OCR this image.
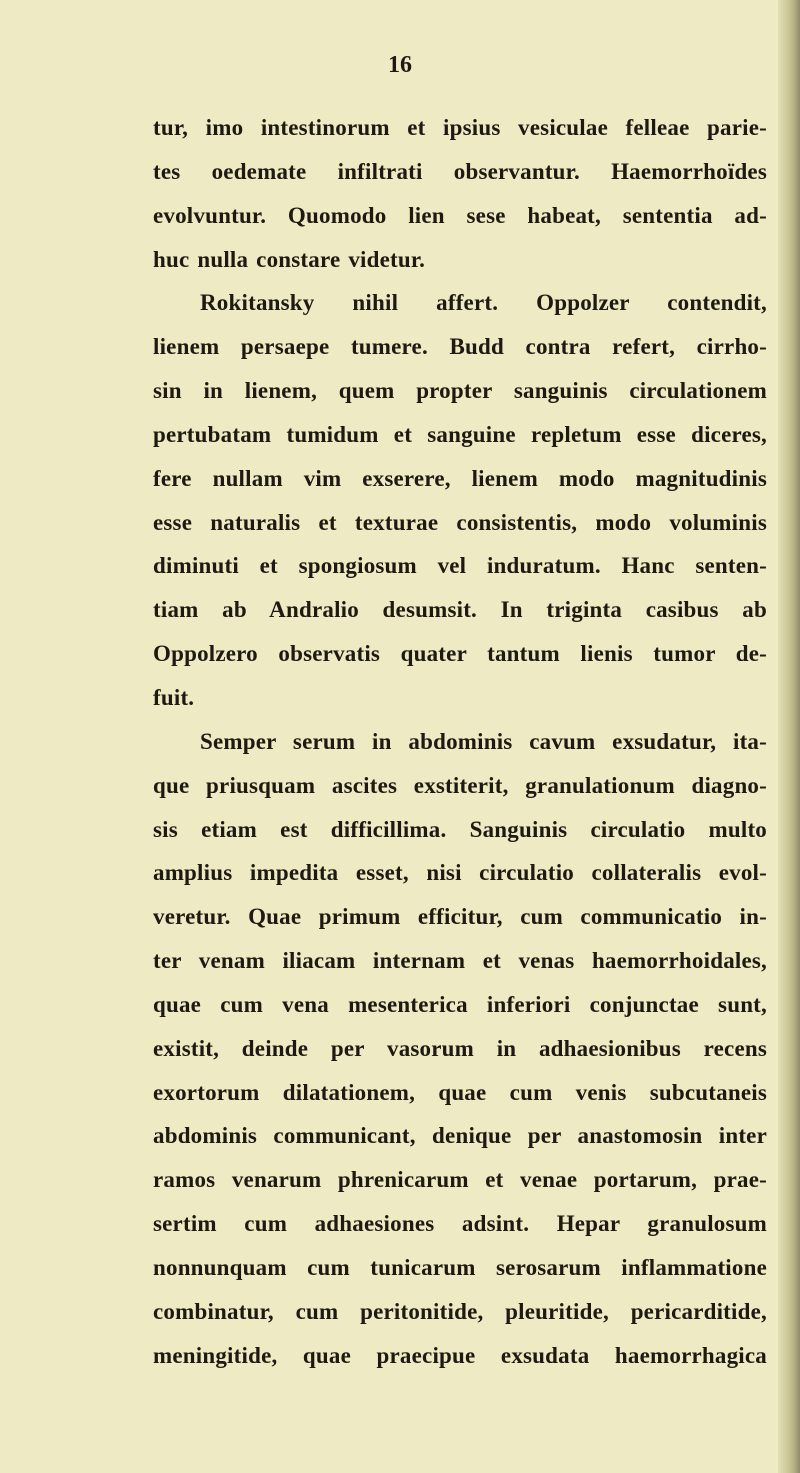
16
tur, imo intestinorum et ipsius vesiculae felleae parie-
tes oedemate infiltrati observantur. Haemorrhoïdes
evolvuntur. Quomodo lien sese habeat, sententia ad-
huc nulla constare videtur.
Rokitansky nihil affert. Oppolzer contendit,
lienem persaepe tumere. Budd contra refert, cirrho-
sin in lienem, quem propter sanguinis circulationem
pertubatam tumidum et sanguine repletum esse diceres,
fere nullam vim exserere, lienem modo magnitudinis
esse naturalis et texturae consistentis, modo voluminis
diminuti et spongiosum vel induratum. Hanc senten-
tiam ab Andralio desumsit. In triginta casibus ab
Oppolzero observatis quater tantum lienis tumor de-
fuit.
Semper serum in abdominis cavum exsudatur, ita-
que priusquam ascites exstiterit, granulationum diagno-
sis etiam est difficillima. Sanguinis circulatio multo
amplius impedita esset, nisi circulatio collateralis evol-
veretur. Quae primum efficitur, cum communicatio in-
ter venam iliacam internam et venas haemorrhoidales,
quae cum vena mesenterica inferiori conjunctae sunt,
existit, deinde per vasorum in adhaesionibus recens
exortorum dilatationem, quae cum venis subcutaneis
abdominis communicant, denique per anastomosin inter
ramos venarum phrenicarum et venae portarum, prae-
sertim cum adhaesiones adsint. Hepar granulosum
nonnunquam cum tunicarum serosarum inflammatione
combinatur, cum peritonitide, pleuritide, pericarditide,
meningitide, quae praecipue exsudata haemorrhagica
